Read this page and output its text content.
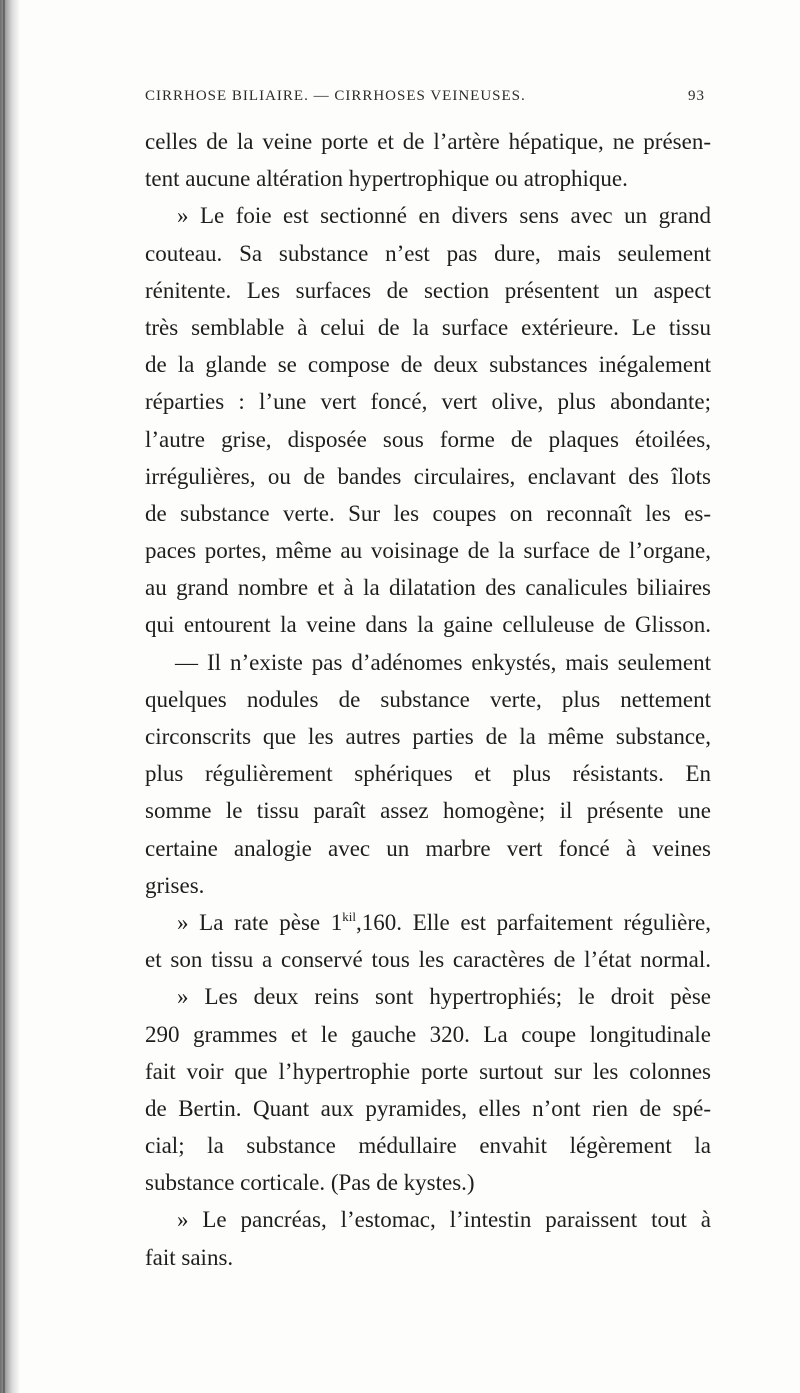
CIRRHOSE BILIAIRE. — CIRRHOSES VEINEUSES.	93
celles de la veine porte et de l’artère hépatique, ne présen-
tent aucune altération hypertrophique ou atrophique.
» Le foie est sectionné en divers sens avec un grand
couteau. Sa substance n’est pas dure, mais seulement
rénitente. Les surfaces de section présentent un aspect
très semblable à celui de la surface extérieure. Le tissu
de la glande se compose de deux substances inégalement
réparties : l’une vert foncé, vert olive, plus abondante;
l’autre grise, disposée sous forme de plaques étoilées,
irrégulières, ou de bandes circulaires, enclavant des îlots
de substance verte. Sur les coupes on reconnaît les es-
paces portes, même au voisinage de la surface de l’organe,
au grand nombre et à la dilatation des canalicules biliaires
qui entourent la veine dans la gaine celluleuse de Glisson.
— Il n’existe pas d’adénomes enkystés, mais seulement
quelques nodules de substance verte, plus nettement
circonscrits que les autres parties de la même substance,
plus régulièrement sphériques et plus résistants. En
somme le tissu paraît assez homogène; il présente une
certaine analogie avec un marbre vert foncé à veines
grises.
» La rate pèse $1^{kil},160$. Elle est parfaitement régulière,
et son tissu a conservé tous les caractères de l’état normal.
» Les deux reins sont hypertrophiés; le droit pèse
290 grammes et le gauche 320. La coupe longitudinale
fait voir que l’hypertrophie porte surtout sur les colonnes
de Bertin. Quant aux pyramides, elles n’ont rien de spé-
cial; la substance médullaire envahit légèrement la
substance corticale. (Pas de kystes.)
» Le pancréas, l’estomac, l’intestin paraissent tout à
fait sains.
